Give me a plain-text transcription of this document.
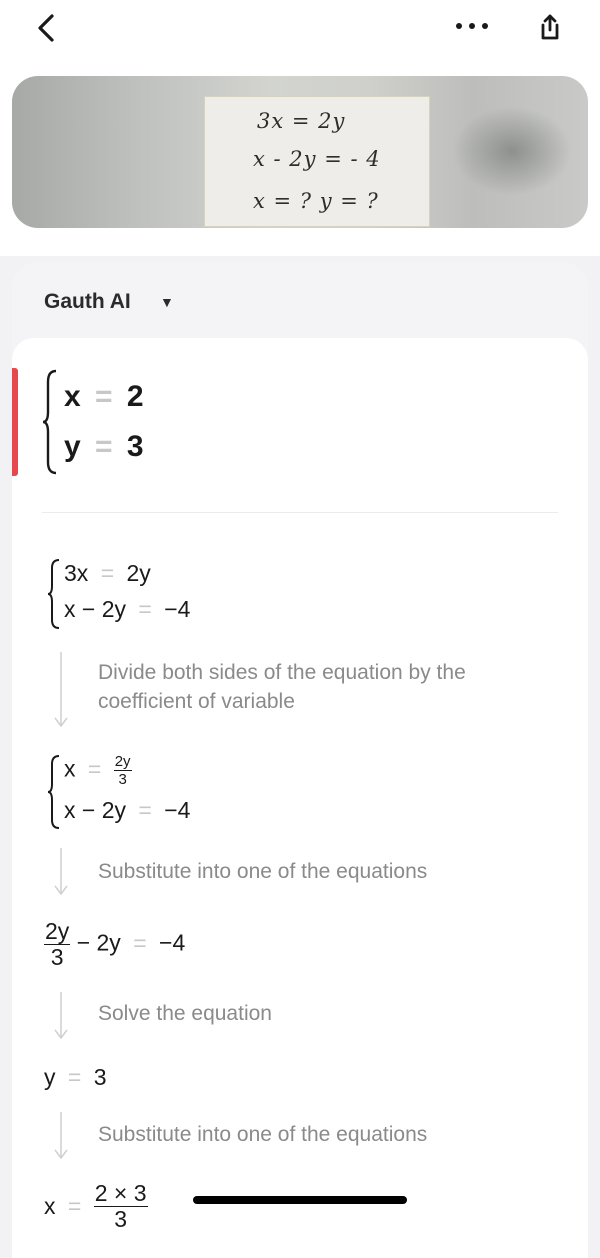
3x = 2y
x - 2y = - 4
x = ? y = ?
Gauth AI ▼
x = 2
y = 3
3x = 2y
x − 2y = −4
Divide both sides of the equation by the coefficient of variable
$x = \frac{2y}{3}$
x − 2y = −4
Substitute into one of the equations
$\frac{2y}{3} - 2y = -4$
Solve the equation
y = 3
Substitute into one of the equations
$x = \frac{2 \times 3}{3}$
